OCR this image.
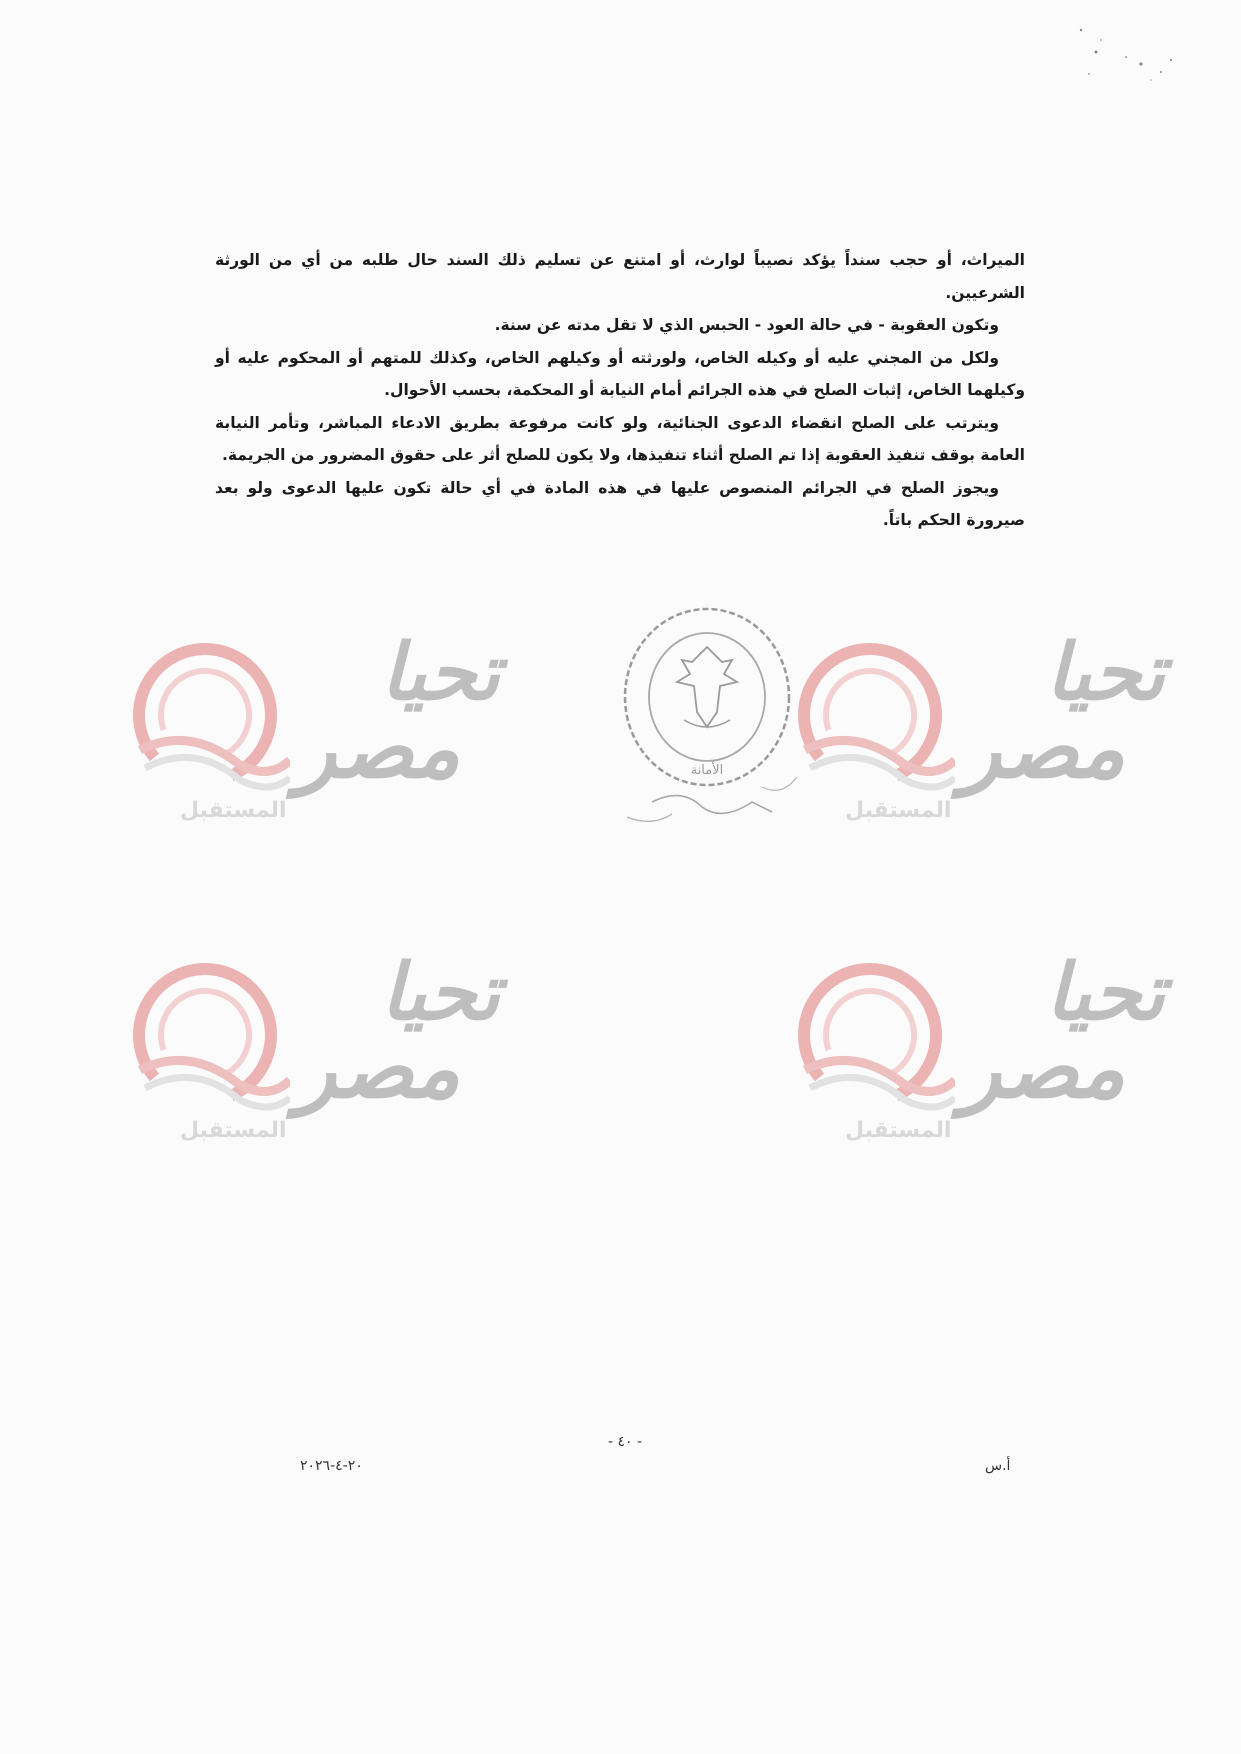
الميراث، أو حجب سنداً يؤكد نصيباً لوارث، أو امتنع عن تسليم ذلك السند حال طلبه من أي من الورثة الشرعيين.

وتكون العقوبة - في حالة العود - الحبس الذي لا تقل مدته عن سنة.

ولكل من المجني عليه أو وكيله الخاص، ولورثته أو وكيلهم الخاص، وكذلك للمتهم أو المحكوم عليه أو وكيلهما الخاص، إثبات الصلح في هذه الجرائم أمام النيابة أو المحكمة، بحسب الأحوال.

ويترتب على الصلح انقضاء الدعوى الجنائية، ولو كانت مرفوعة بطريق الادعاء المباشر، وتأمر النيابة العامة بوقف تنفيذ العقوبة إذا تم الصلح أثناء تنفيذها، ولا يكون للصلح أثر على حقوق المضرور من الجريمة.

ويجوز الصلح في الجرائم المنصوص عليها في هذه المادة في أي حالة تكون عليها الدعوى ولو بعد صيرورة الحكم باتاً.

تحيا
مصر
المستقبل
تحيا
مصر
المستقبل
تحيا
مصر
المستقبل
تحيا
مصر
المستقبل
الأمانة
- ٤٠ -
٢٠-٤-٢٠٢٦	أ.س
